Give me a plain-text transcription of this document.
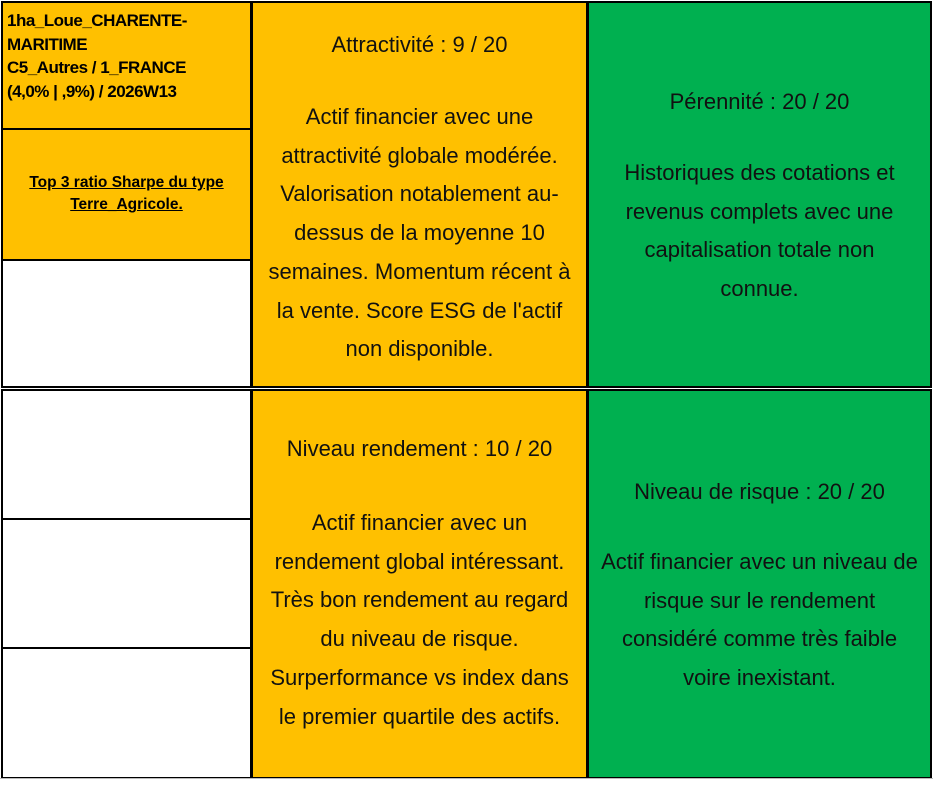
1ha_Loue_CHARENTE-
MARITIME
C5_Autres / 1_FRANCE
(4,0% | ,9%) / 2026W13
Top 3 ratio Sharpe du type
Terre_Agricole.
Attractivité : 9 / 20
Actif financier avec une
attractivité globale modérée.
Valorisation notablement au-
dessus de la moyenne 10
semaines. Momentum récent à
la vente. Score ESG de l'actif
non disponible.
Pérennité : 20 / 20
Historiques des cotations et
revenus complets avec une
capitalisation totale non
connue.
Niveau rendement : 10 / 20
Actif financier avec un
rendement global intéressant.
Très bon rendement au regard
du niveau de risque.
Surperformance vs index dans
le premier quartile des actifs.
Niveau de risque : 20 / 20
Actif financier avec un niveau de
risque sur le rendement
considéré comme très faible
voire inexistant.
